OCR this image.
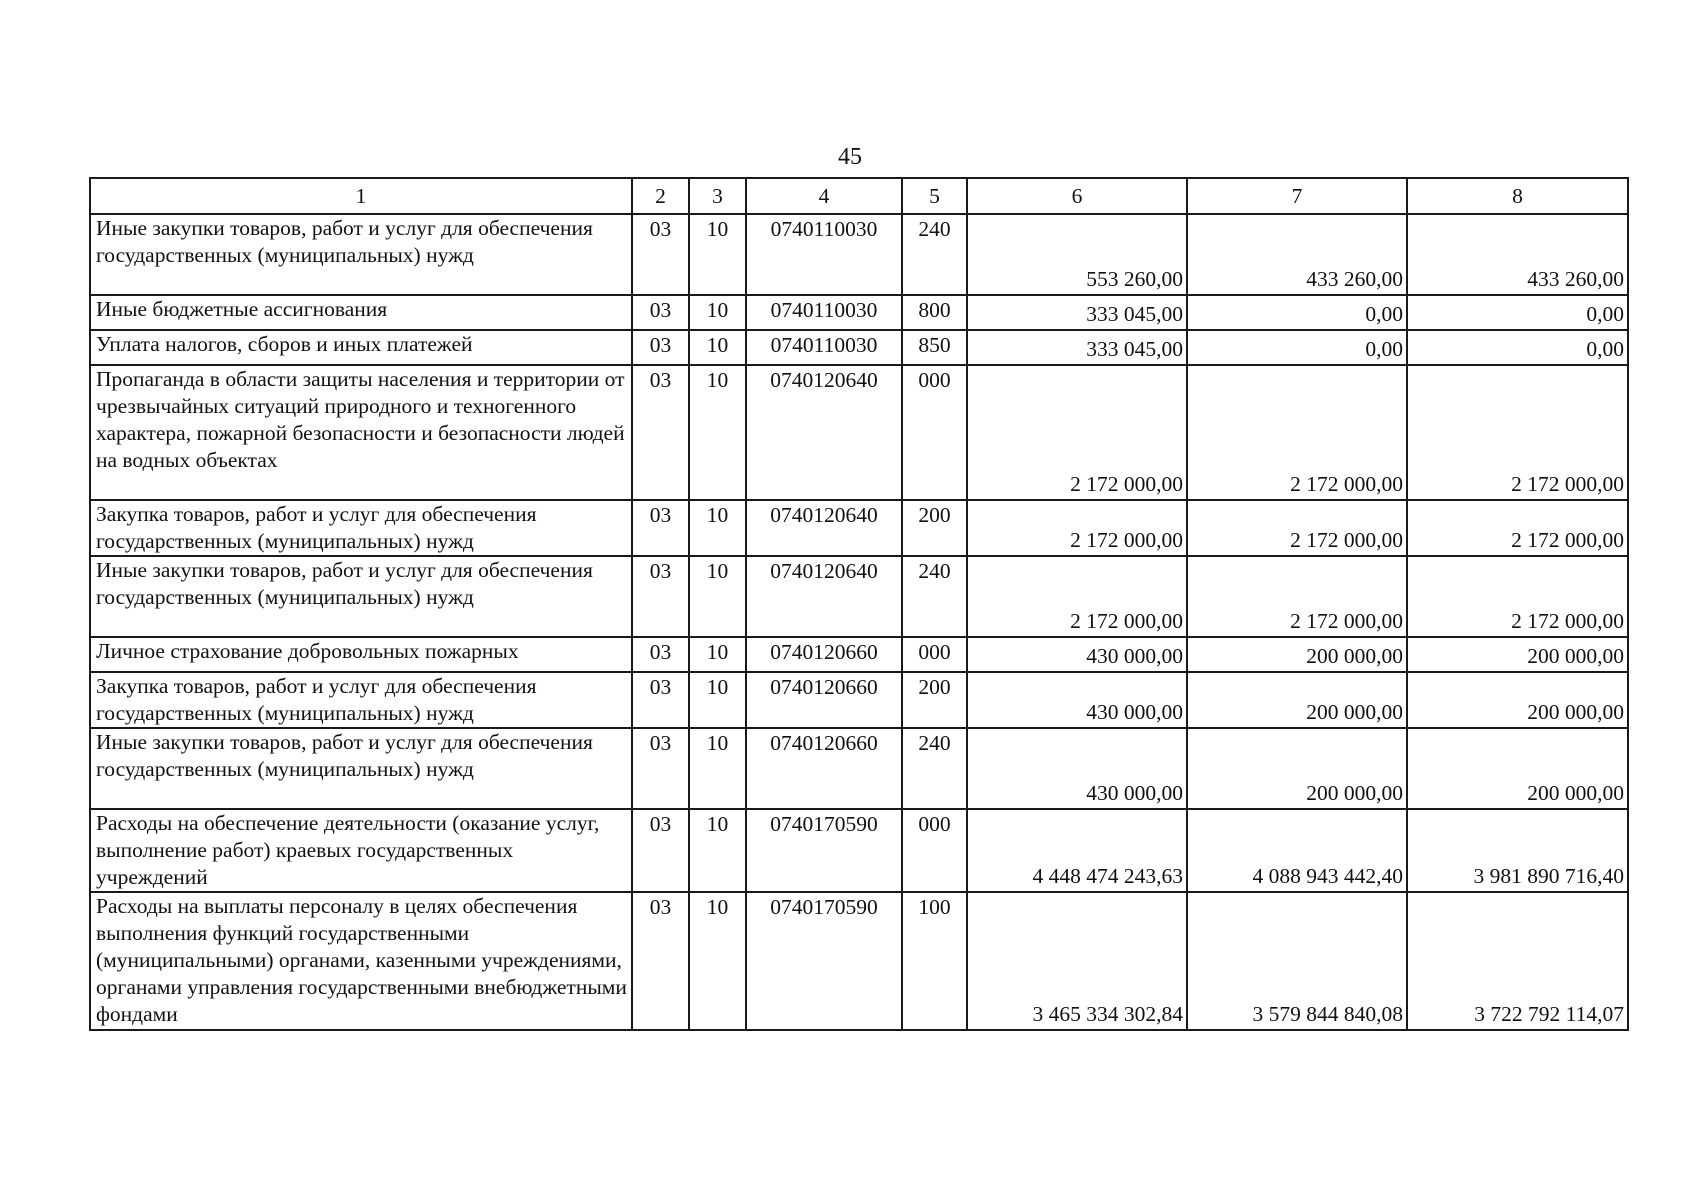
45
1	2	3	4	5	6	7	8
Иные закупки товаров, работ и услуг для обеспечения государственных (муниципальных) нужд	03	10	0740110030	240	553 260,00	433 260,00	433 260,00
Иные бюджетные ассигнования	03	10	0740110030	800	333 045,00	0,00	0,00
Уплата налогов, сборов и иных платежей	03	10	0740110030	850	333 045,00	0,00	0,00
Пропаганда в области защиты населения и территории от чрезвычайных ситуаций природного и техногенного характера, пожарной безопасности и безопасности людей на водных объектах	03	10	0740120640	000	2 172 000,00	2 172 000,00	2 172 000,00
Закупка товаров, работ и услуг для обеспечения государственных (муниципальных) нужд	03	10	0740120640	200	2 172 000,00	2 172 000,00	2 172 000,00
Иные закупки товаров, работ и услуг для обеспечения государственных (муниципальных) нужд	03	10	0740120640	240	2 172 000,00	2 172 000,00	2 172 000,00
Личное страхование добровольных пожарных	03	10	0740120660	000	430 000,00	200 000,00	200 000,00
Закупка товаров, работ и услуг для обеспечения государственных (муниципальных) нужд	03	10	0740120660	200	430 000,00	200 000,00	200 000,00
Иные закупки товаров, работ и услуг для обеспечения государственных (муниципальных) нужд	03	10	0740120660	240	430 000,00	200 000,00	200 000,00
Расходы на обеспечение деятельности (оказание услуг, выполнение работ) краевых государственных учреждений	03	10	0740170590	000	4 448 474 243,63	4 088 943 442,40	3 981 890 716,40
Расходы на выплаты персоналу в целях обеспечения выполнения функций государственными (муниципальными) органами, казенными учреждениями, органами управления государственными внебюджетными фондами	03	10	0740170590	100	3 465 334 302,84	3 579 844 840,08	3 722 792 114,07
